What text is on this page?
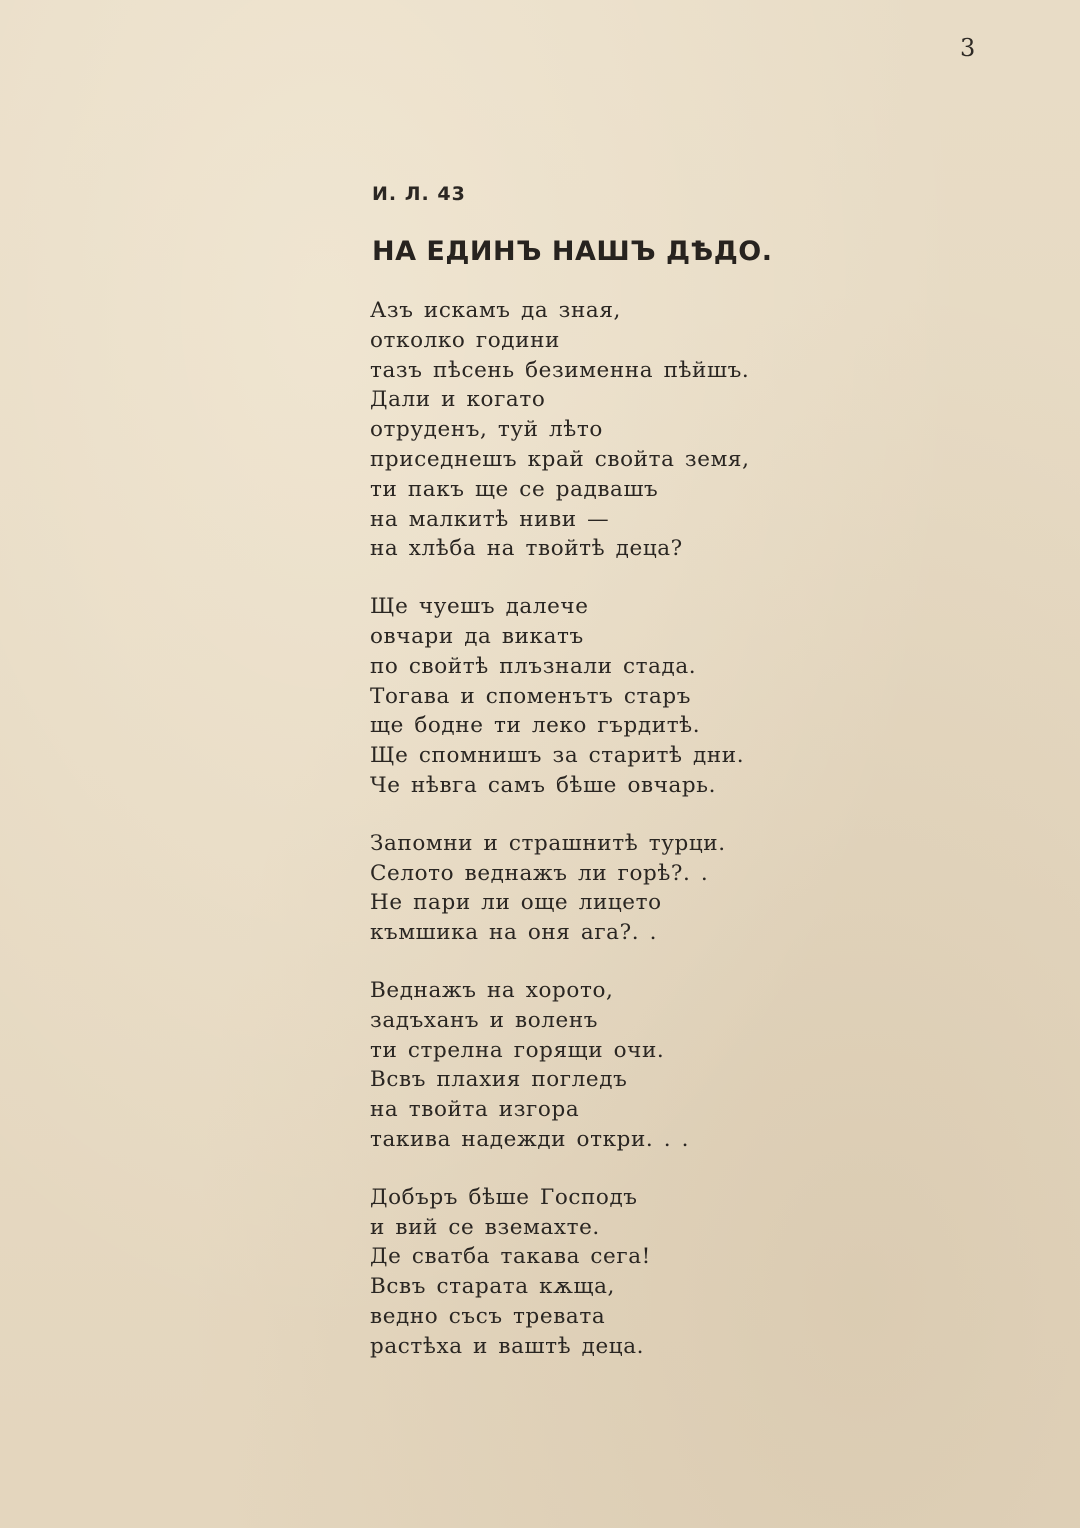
3
И. Л. 43
НА ЕДИНЪ НАШЪ ДѢДО.
Азъ искамъ да зная,
отколко години
тазъ пѣсень безименна пѣйшъ.
Дали и когато
отруденъ, туй лѣто
приседнешъ край свойта земя,
ти пакъ ще се радвашъ
на малкитѣ ниви —
на хлѣба на твойтѣ деца?
Ще чуешъ далече
овчари да викатъ
по свойтѣ плъзнали стада.
Тогава и споменътъ старъ
ще бодне ти леко гърдитѣ.
Ще спомнишъ за старитѣ дни.
Че нѣвга самъ бѣше овчарь.
Запомни и страшнитѣ турци.
Селото веднажъ ли горѣ?. .
Не пари ли още лицето
къмшика на оня ага?. .
Веднажъ на хорото,
задъханъ и воленъ
ти стрелна горящи очи.
Всвъ плахия погледъ
на твойта изгора
такива надежди откри. . .
Добъръ бѣше Господъ
и вий се вземахте.
Де сватба такава сега!
Всвъ старата кѫща,
ведно съсъ тревата
растѣха и ваштѣ деца.
